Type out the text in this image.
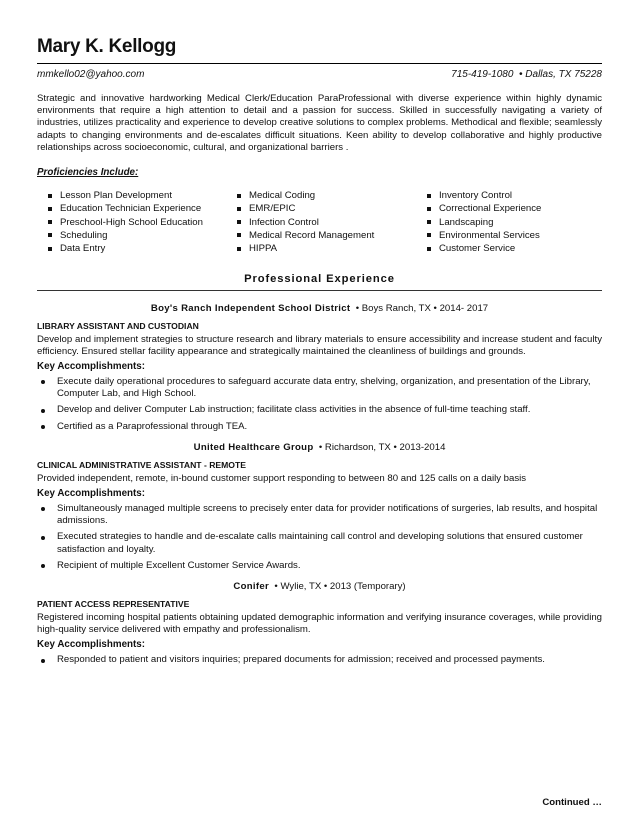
Mary K. Kellogg
mmkello02@yahoo.com	715-419-1080  • Dallas, TX 75228
Strategic and innovative hardworking Medical Clerk/Education ParaProfessional with diverse experience within highly dynamic environments that require a high attention to detail and a passion for success. Skilled in successfully navigating a variety of industries, utilizes practicality and experience to develop creative solutions to complex problems. Methodical and flexible; seamlessly adapts to changing environments and de-escalates difficult situations. Keen ability to develop collaborative and highly productive relationships across socioeconomic, cultural, and organizational barriers .
Proficiencies Include:
Lesson Plan Development
Education Technician Experience
Preschool-High School Education
Scheduling
Data Entry
Medical Coding
EMR/EPIC
Infection Control
Medical Record Management
HIPPA
Inventory Control
Correctional Experience
Landscaping
Environmental Services
Customer Service
Professional Experience
Boy's Ranch Independent School District  • Boys Ranch, TX • 2014- 2017
LIBRARY ASSISTANT AND CUSTODIAN
Develop and implement strategies to structure research and library materials to ensure accessibility and increase student and faculty efficiency. Ensured stellar facility appearance and strategically maintained the cleanliness of buildings and grounds.
Key Accomplishments:
Execute daily operational procedures to safeguard accurate data entry, shelving, organization, and presentation of the Library, Computer Lab, and High School.
Develop and deliver Computer Lab instruction; facilitate class activities in the absence of full-time teaching staff.
Certified as a Paraprofessional through TEA.
United Healthcare Group  • Richardson, TX • 2013-2014
CLINICAL ADMINISTRATIVE ASSISTANT - REMOTE
Provided independent, remote, in-bound customer support responding to between 80 and 125 calls on a daily basis
Key Accomplishments:
Simultaneously managed multiple screens to precisely enter data for provider notifications of surgeries, lab results, and hospital admissions.
Executed strategies to handle and de-escalate calls maintaining call control and developing solutions that ensured customer satisfaction and loyalty.
Recipient of multiple Excellent Customer Service Awards.
Conifer  • Wylie, TX • 2013 (Temporary)
PATIENT ACCESS REPRESENTATIVE
Registered incoming hospital patients obtaining updated demographic information and verifying insurance coverages, while providing high-quality service delivered with empathy and professionalism.
Key Accomplishments:
Responded to patient and visitors inquiries; prepared documents for admission; received and processed payments.
Continued …
